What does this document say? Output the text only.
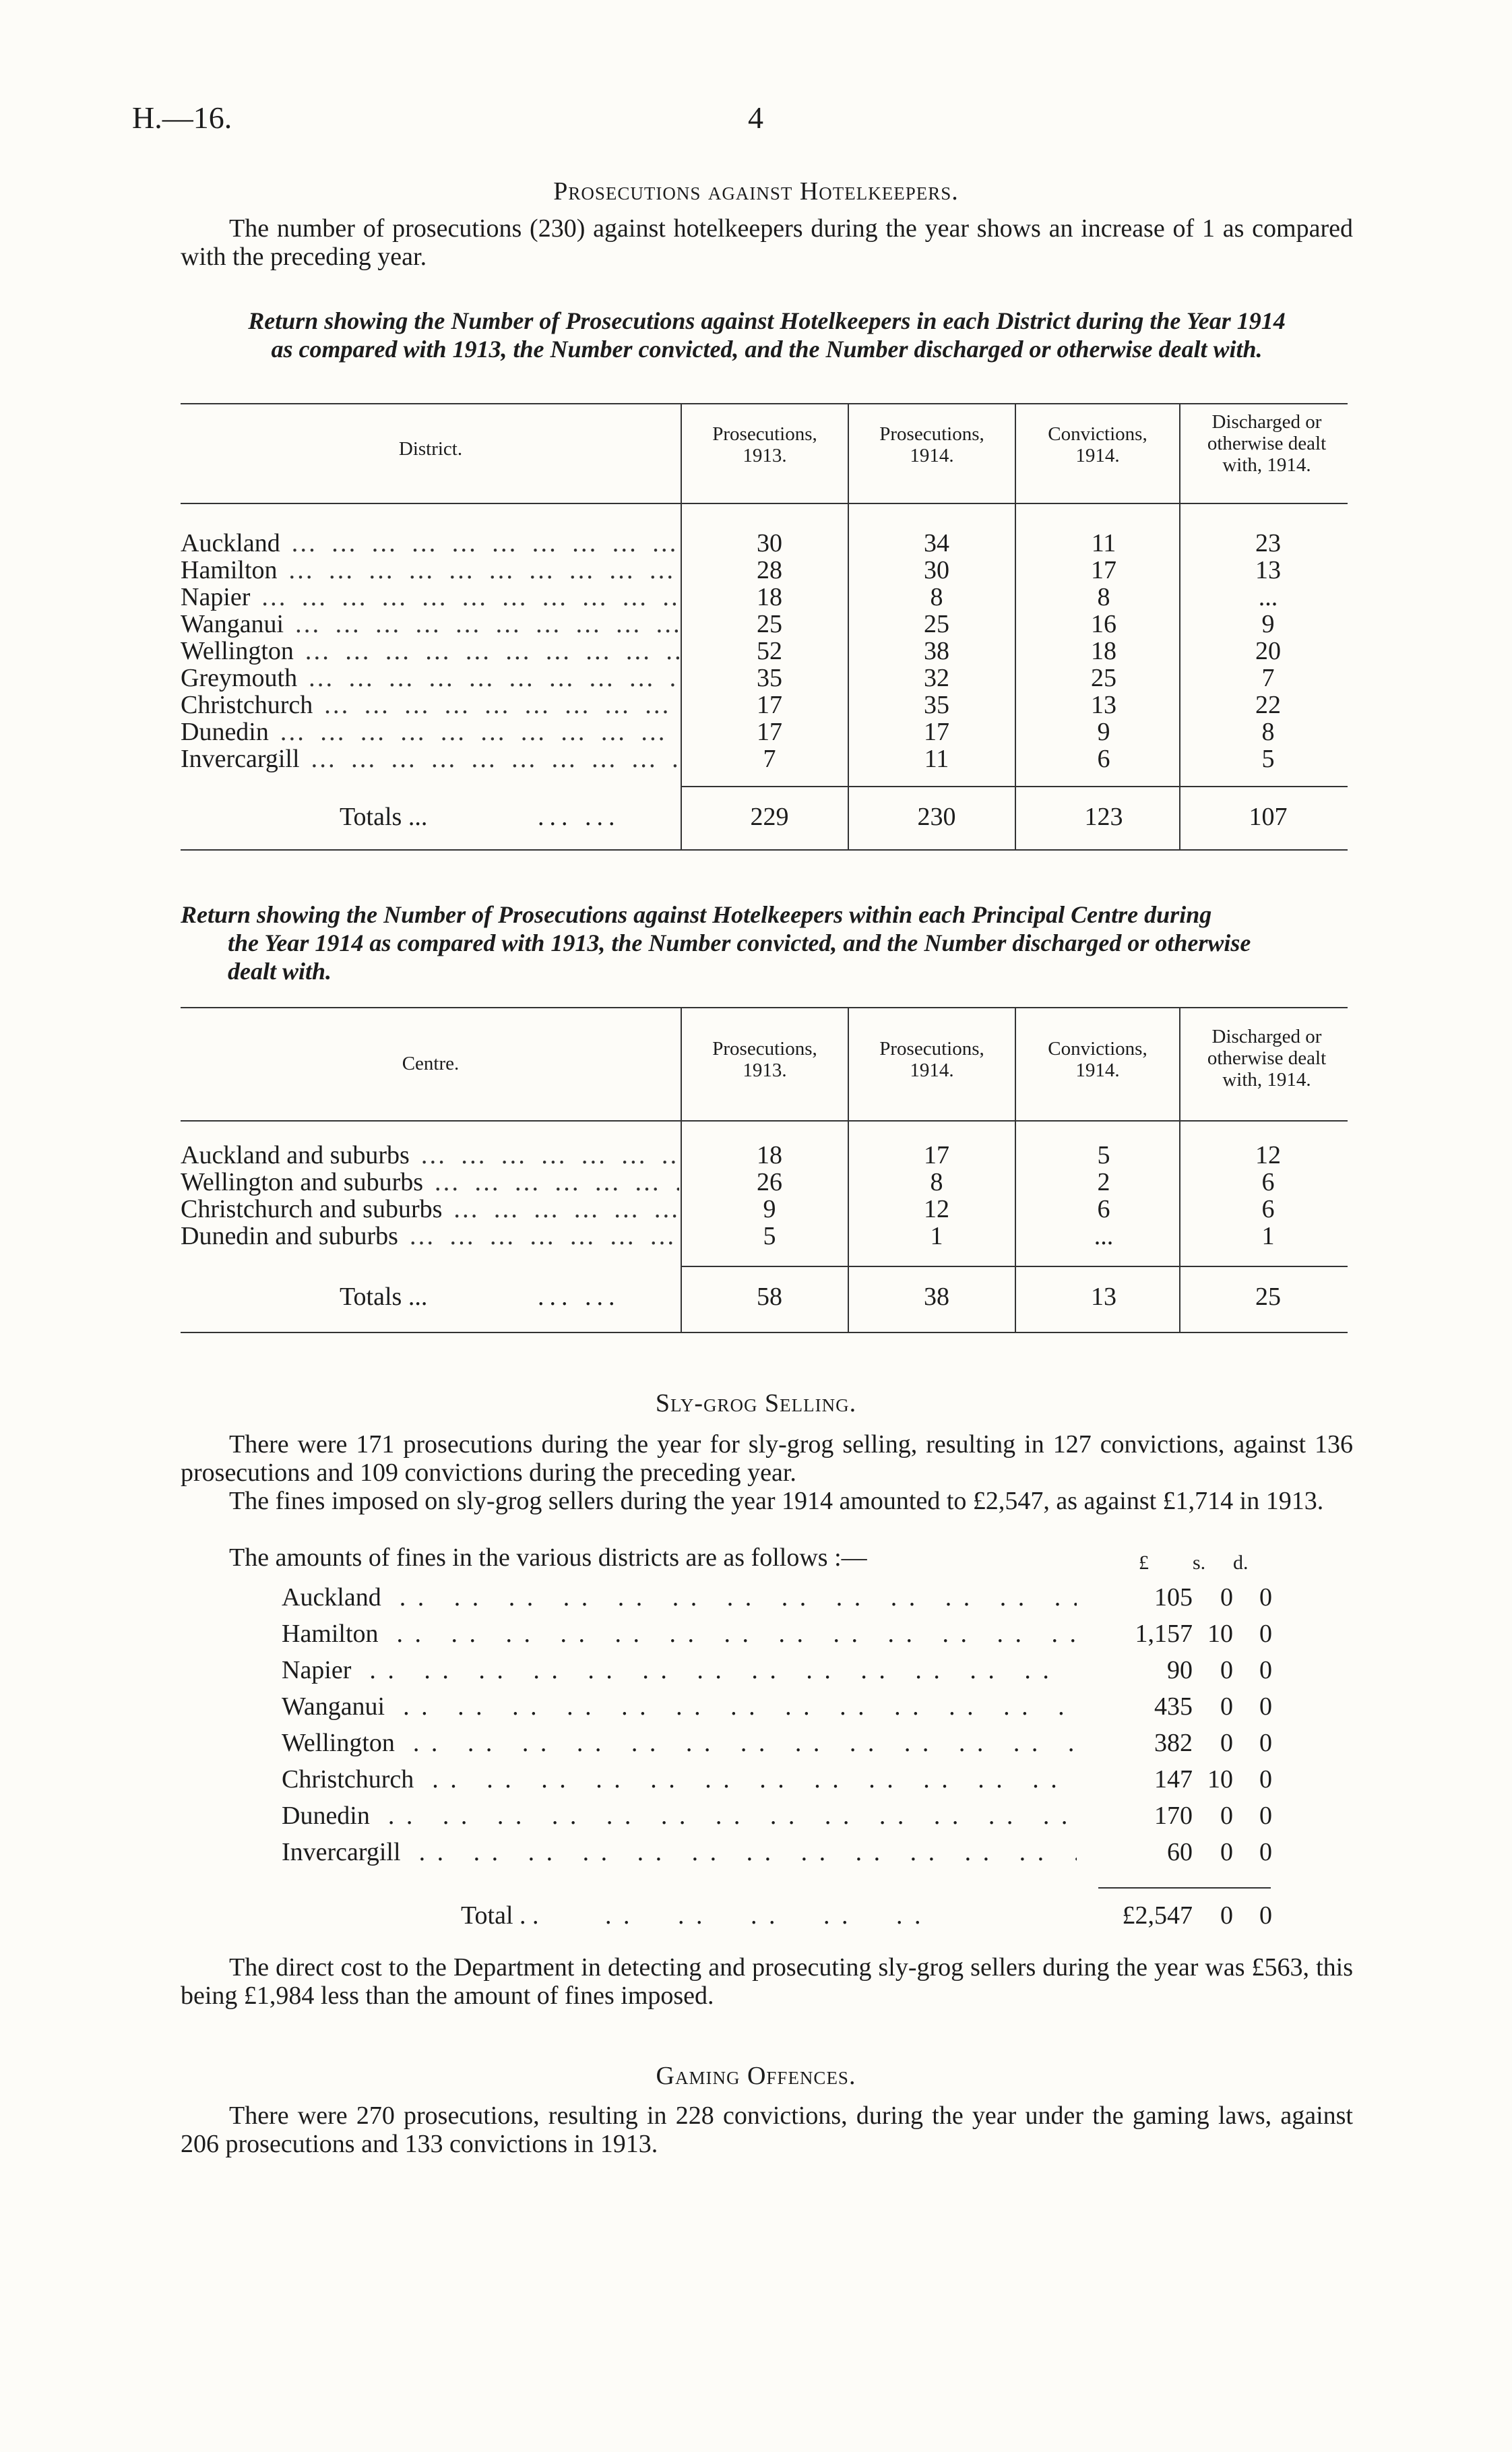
H.—16.	4
Prosecutions against Hotelkeepers.
The number of prosecutions (230) against hotelkeepers during the year shows an increase of 1 as compared with the preceding year.
Return showing the Number of Prosecutions against Hotelkeepers in each District during the Year 1914
as compared with 1913, the Number convicted, and the Number discharged or otherwise dealt with.
District.
Prosecutions,
1913.
Prosecutions,
1914.
Convictions,
1914.
Discharged or
otherwise dealt
with, 1914.
Auckland … … … … … … … … … … … … … …	30	34	11	23
Hamilton … … … … … … … … … … … … … …	28	30	17	13
Napier … … … … … … … … … … … … … …	18	8	8	...
Wanganui … … … … … … … … … … … … … …	25	25	16	9
Wellington … … … … … … … … … … … … … …	52	38	18	20
Greymouth … … … … … … … … … … … … … …	35	32	25	7
Christchurch … … … … … … … … … … … … … …	17	35	13	22
Dunedin … … … … … … … … … … … … … …	17	17	9	8
Invercargill … … … … … … … … … … … … … …	7	11	6	5
Totals ...	... ...	229	230	123	107
Return showing the Number of Prosecutions against Hotelkeepers within each Principal Centre during
the Year 1914 as compared with 1913, the Number convicted, and the Number discharged or otherwise
dealt with.
Centre.
Prosecutions,
1913.
Prosecutions,
1914.
Convictions,
1914.
Discharged or
otherwise dealt
with, 1914.
Auckland and suburbs … … … … … … … … … … … … … …	18	17	5	12
Wellington and suburbs … … … … … … … … … … … … … …	26	8	2	6
Christchurch and suburbs … … … … … … … … … … … … … …	9	12	6	6
Dunedin and suburbs … … … … … … … … … … … … … …	5	1	...	1
Totals ...	... ...	58	38	13	25
Sly-grog Selling.
There were 171 prosecutions during the year for sly-grog selling, resulting in 127 convictions, against 136 prosecutions and 109 convictions during the preceding year.
The fines imposed on sly-grog sellers during the year 1914 amounted to £2,547, as against £1,714 in 1913.
The amounts of fines in the various districts are as follows :—	£ s. d.
Auckland . .	105	0	0
Hamilton . .	1,157 10	0
Napier . .	90	0	0
Wanganui . .	435	0	0
Wellington . .	382	0	0
Christchurch . .	147 10	0
Dunedin . .	170	0	0
Invercargill . .	60	0	0
Total . .	. .     . .     . .     . .     . .	£2,547	0	0
The direct cost to the Department in detecting and prosecuting sly-grog sellers during the year was £563, this being £1,984 less than the amount of fines imposed.
Gaming Offences.
There were 270 prosecutions, resulting in 228 convictions, during the year under the gaming laws, against 206 prosecutions and 133 convictions in 1913.
